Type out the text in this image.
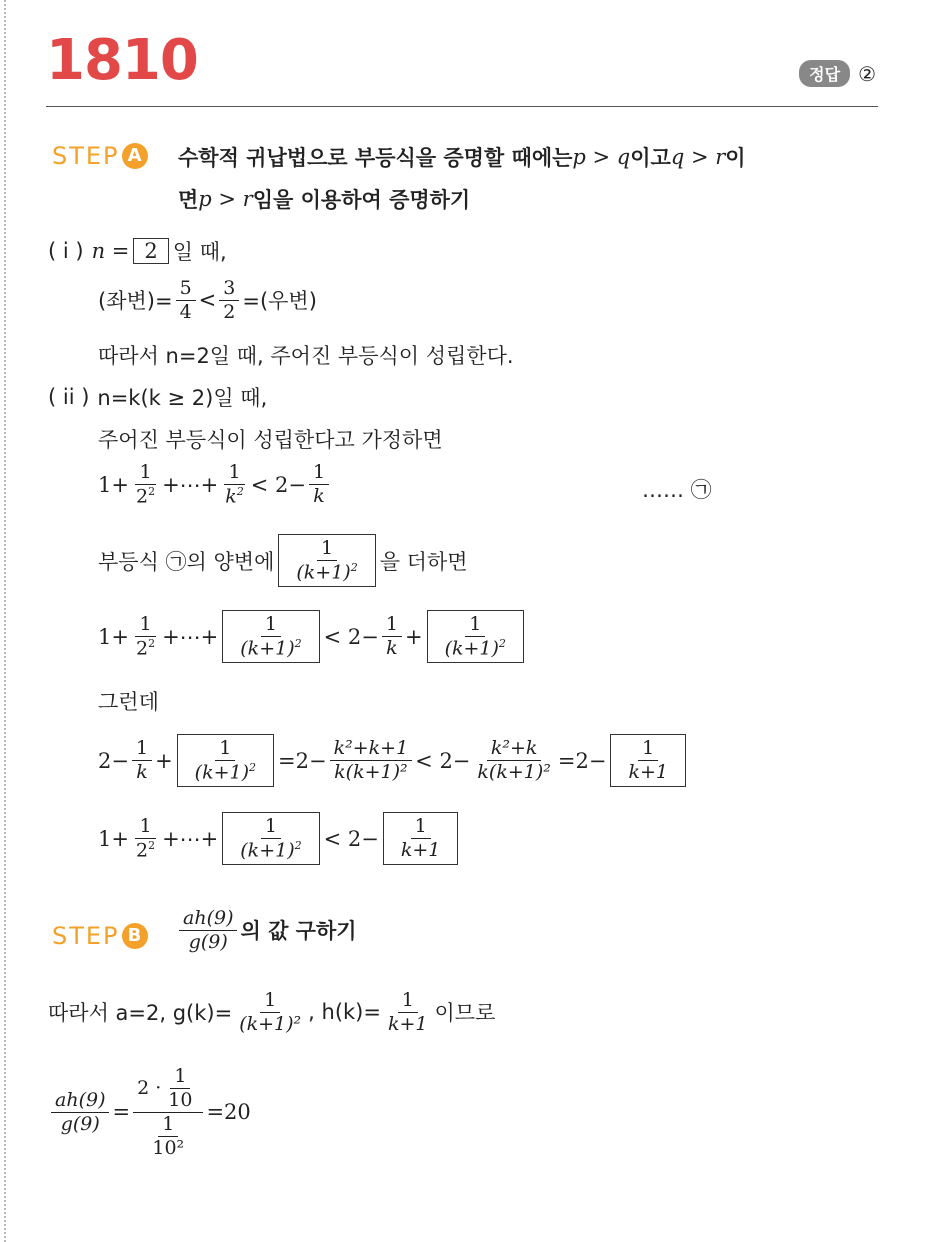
1810	정답 ②
STEP A 수학적 귀납법으로 부등식을 증명할 때에는 p > q 이고 q > r 이
면 p > r 임을 이용하여 증명하기
( i ) n = 2 일 때,
(좌변)= $\frac{5}{4} < \frac{3}{2}$ =(우변)
따라서 n=2일 때, 주어진 부등식이 성립한다.
( ii ) n=k(k ≥ 2)일 때,
주어진 부등식이 성립한다고 가정하면
$1+ \frac{1}{2^2}$ +⋯+ $\frac{1}{k^2} < 2- \frac{1}{k}$	…… ㉠
부등식 ㉠의 양변에 $\frac{1}{(k+1)^2}$ 을 더하면
$1+ \frac{1}{2^2}$ +⋯+ $\frac{1}{(k+1)^2} < 2- \frac{1}{k} + \frac{1}{(k+1)^2}$
그런데
$2- \frac{1}{k} + \frac{1}{(k+1)^2} =2- \frac{\text{k²+k+1}}{\text{k(k+1)²}} < 2- \frac{\text{k²+k}}{\text{k(k+1)²}} =2- \frac{1}{k+1}$
$1+ \frac{1}{2^2}$ +⋯+ $\frac{1}{(k+1)^2} < 2- \frac{1}{k+1}$
STEP B	$\frac{ah(9)}{g(9)}$ 의 값 구하기
따라서 a=2, $g(k)= \frac{1}{\text{(k+1)²}}$ , $h(k)= \frac{1}{k+1}$ 이므로
$\frac{ah(9)}{g(9)} = \frac{2 \cdot \frac{1}{10}}{\frac{1}{\text{10²}}} =20$
